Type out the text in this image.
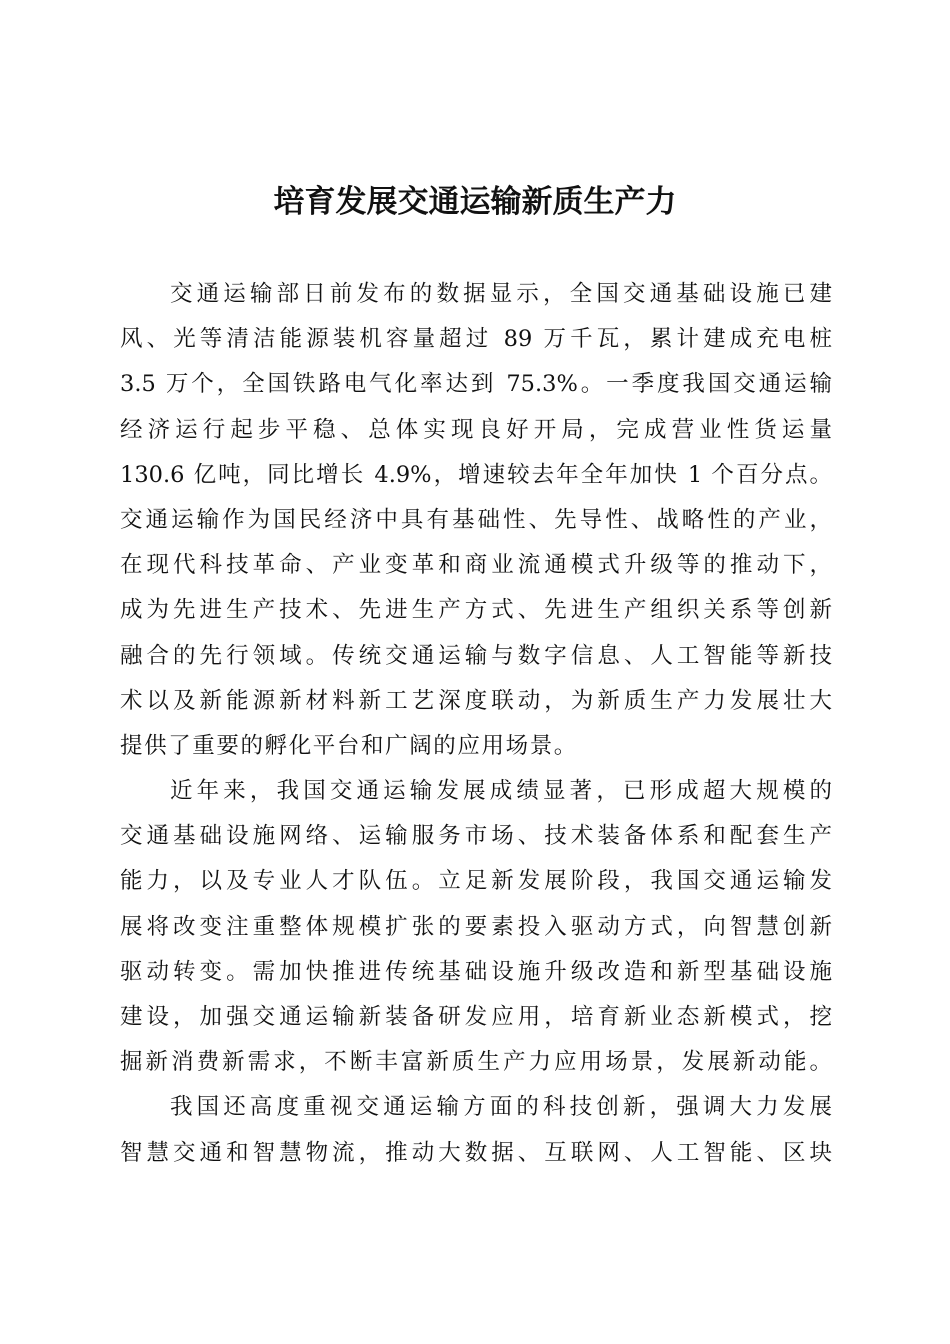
培育发展交通运输新质生产力
交通运输部日前发布的数据显示，全国交通基础设施已建
风、光等清洁能源装机容量超过 89 万千瓦，累计建成充电桩
3.5 万个，全国铁路电气化率达到 75.3%。一季度我国交通运输
经济运行起步平稳、总体实现良好开局，完成营业性货运量
130.6 亿吨，同比增长 4.9%，增速较去年全年加快 1 个百分点。
交通运输作为国民经济中具有基础性、先导性、战略性的产业，
在现代科技革命、产业变革和商业流通模式升级等的推动下，
成为先进生产技术、先进生产方式、先进生产组织关系等创新
融合的先行领域。传统交通运输与数字信息、人工智能等新技
术以及新能源新材料新工艺深度联动，为新质生产力发展壮大
提供了重要的孵化平台和广阔的应用场景。
近年来，我国交通运输发展成绩显著，已形成超大规模的
交通基础设施网络、运输服务市场、技术装备体系和配套生产
能力，以及专业人才队伍。立足新发展阶段，我国交通运输发
展将改变注重整体规模扩张的要素投入驱动方式，向智慧创新
驱动转变。需加快推进传统基础设施升级改造和新型基础设施
建设，加强交通运输新装备研发应用，培育新业态新模式，挖
掘新消费新需求，不断丰富新质生产力应用场景，发展新动能。
我国还高度重视交通运输方面的科技创新，强调大力发展
智慧交通和智慧物流，推动大数据、互联网、人工智能、区块
